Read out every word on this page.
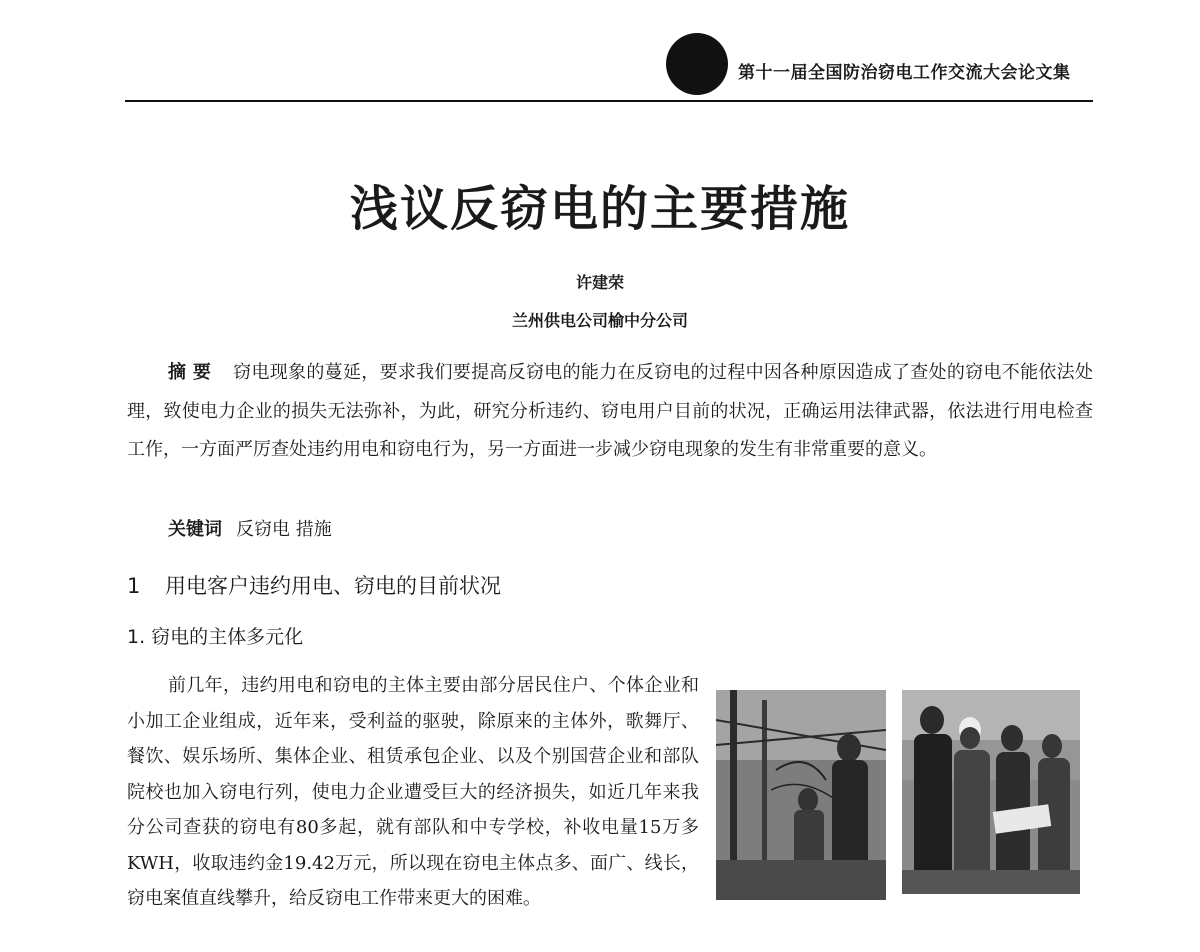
第十一届全国防治窃电工作交流大会论文集
浅议反窃电的主要措施
许建荣
兰州供电公司榆中分公司

摘 要 窃电现象的蔓延，要求我们要提高反窃电的能力在反窃电的过程中因各种原因造成了查处的窃电不能依法处理，致使电力企业的损失无法弥补，为此，研究分析违约、窃电用户目前的状况，正确运用法律武器，依法进行用电检查工作，一方面严厉查处违约用电和窃电行为，另一方面进一步减少窃电现象的发生有非常重要的意义。

关键词 反窃电 措施
1 用电客户违约用电、窃电的目前状况
1. 窃电的主体多元化

前几年，违约用电和窃电的主体主要由部分居民住户、个体企业和小加工企业组成，近年来，受利益的驱驶，除原来的主体外，歌舞厅、餐饮、娱乐场所、集体企业、租赁承包企业、以及个别国营企业和部队院校也加入窃电行列，使电力企业遭受巨大的经济损失，如近几年来我分公司查获的窃电有80多起，就有部队和中专学校，补收电量15万多KWH，收取违约金19.42万元，所以现在窃电主体点多、面广、线长，窃电案值直线攀升，给反窃电工作带来更大的困难。
